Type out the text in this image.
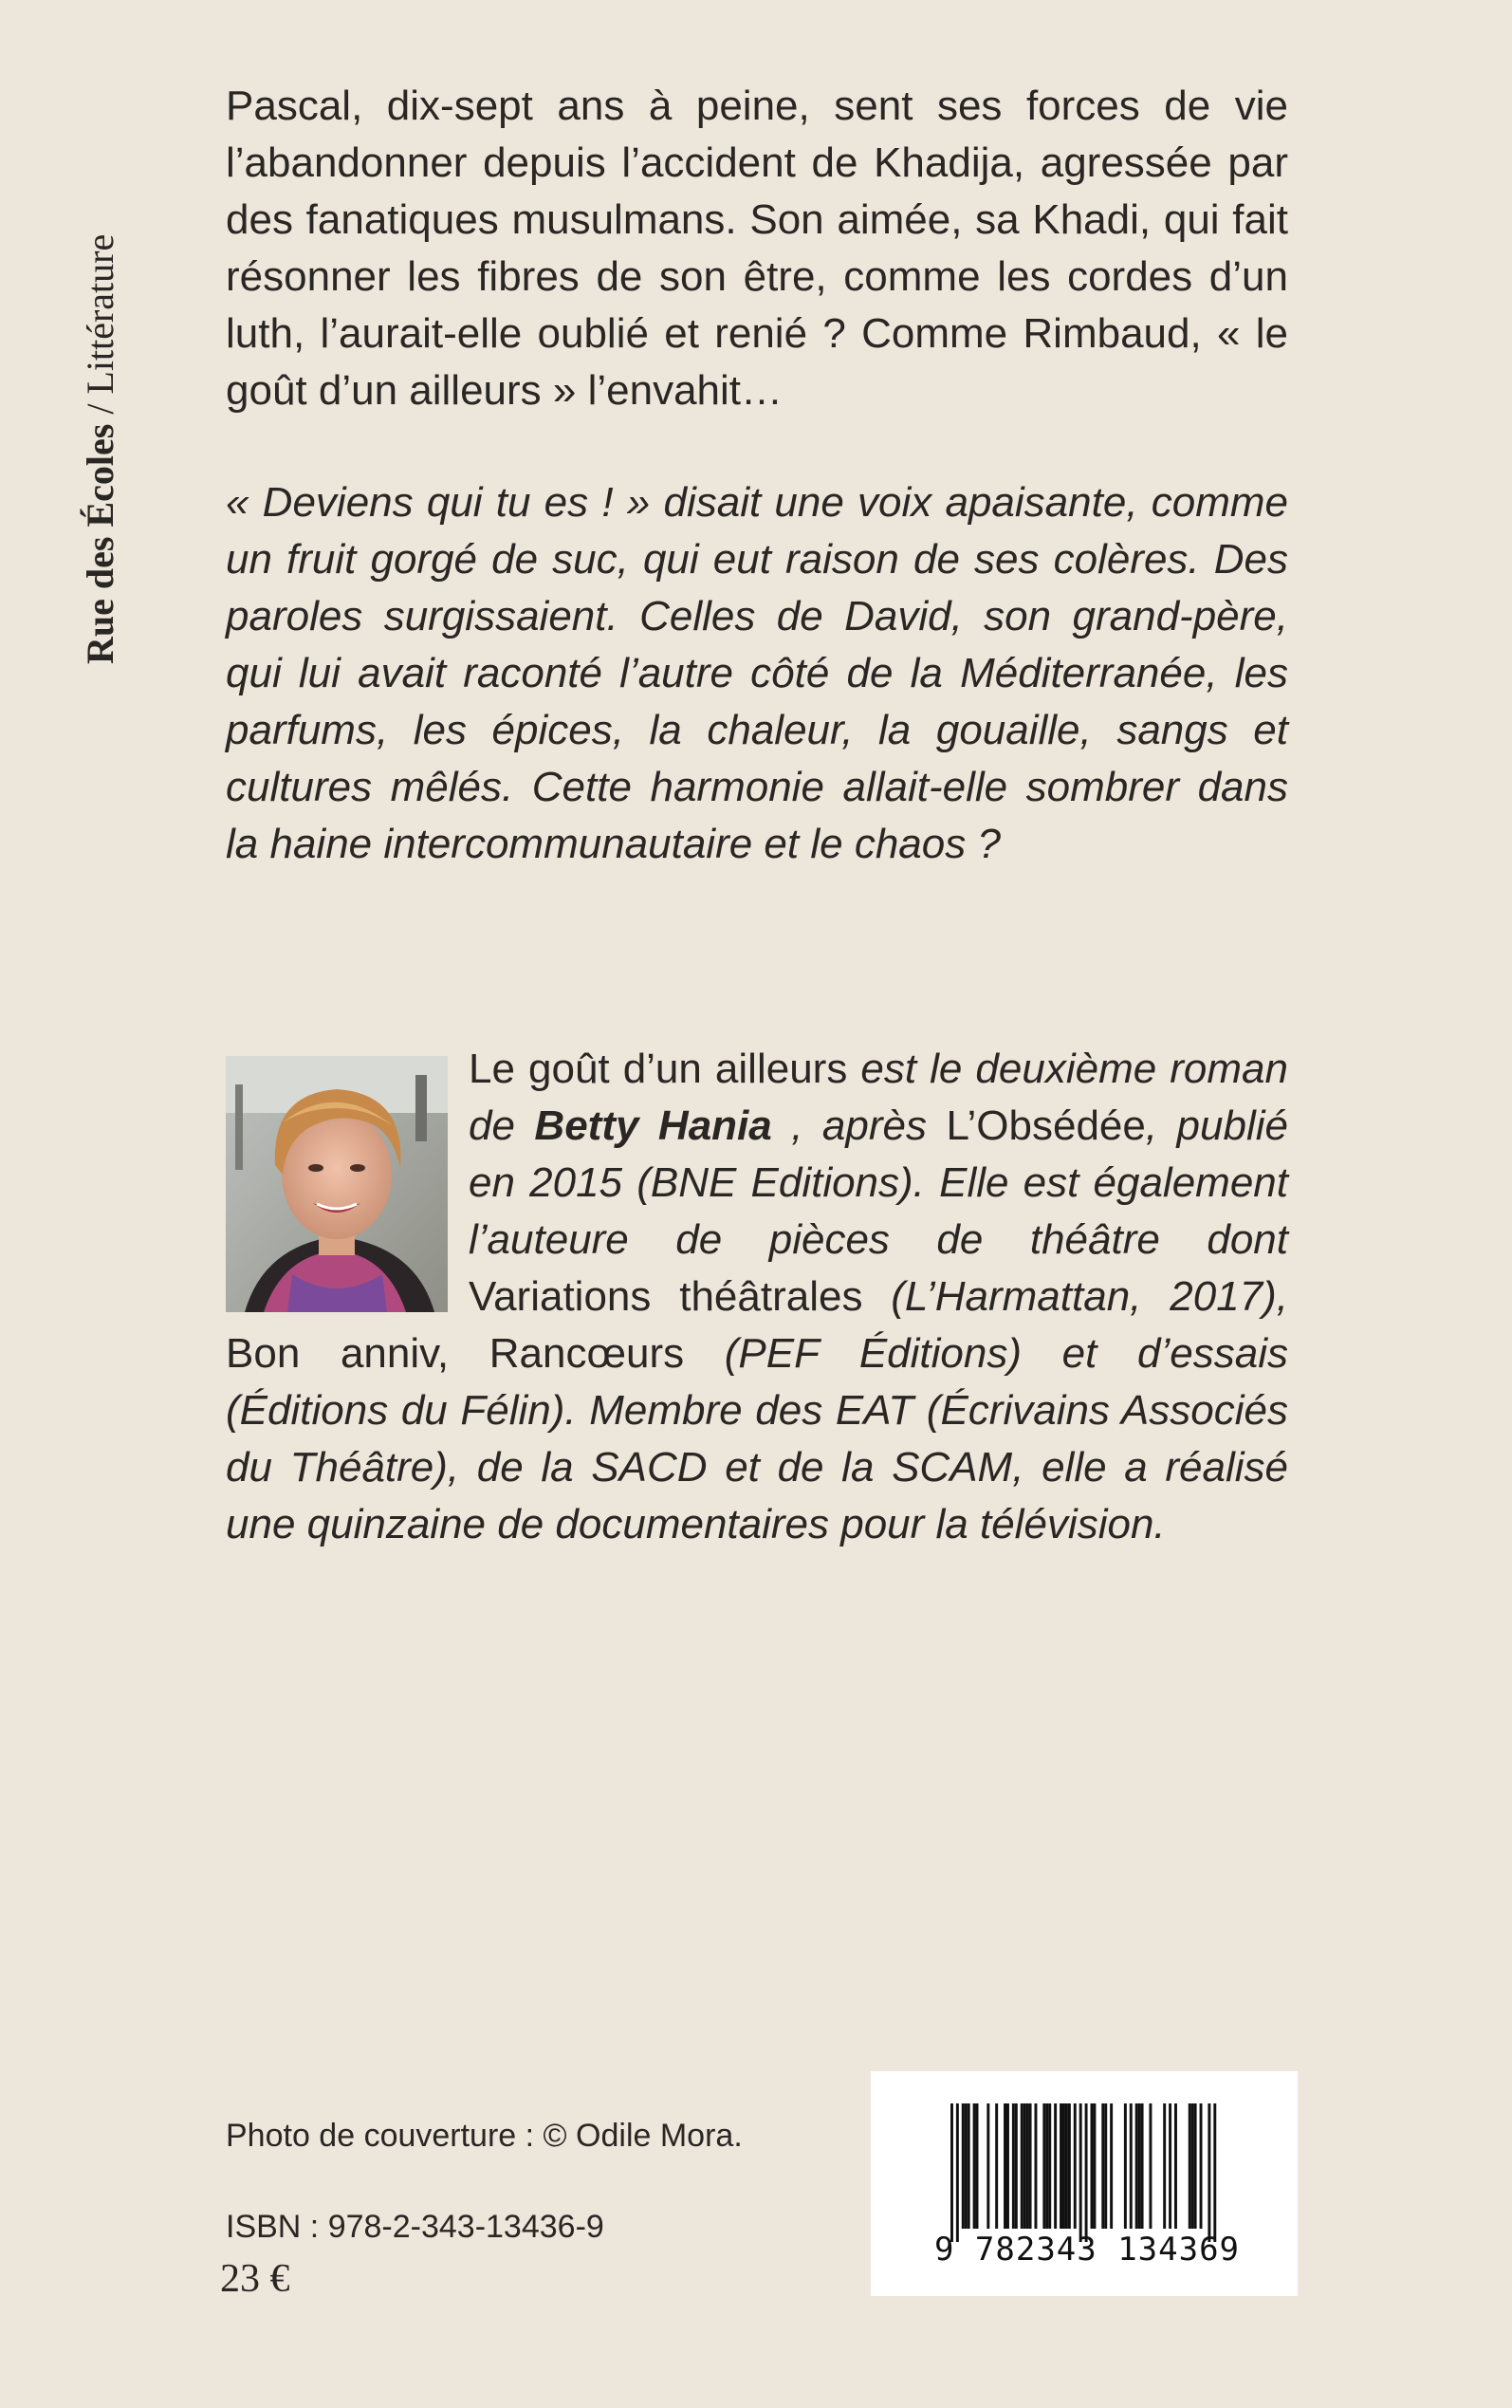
Rue des Écoles / Littérature

Pascal, dix-sept ans à peine, sent ses forces de vie l’abandonner depuis l’accident de Khadija, agressée par des fanatiques musulmans. Son aimée, sa Khadi, qui fait résonner les fibres de son être, comme les cordes d’un luth, l’aurait-elle oublié et renié ? Comme Rimbaud, « le goût d’un ailleurs » l’envahit…

« Deviens qui tu es ! » disait une voix apaisante, comme un fruit gorgé de suc, qui eut raison de ses colères. Des paroles surgissaient. Celles de David, son grand-père, qui lui avait raconté l’autre côté de la Méditerranée, les parfums, les épices, la chaleur, la gouaille, sangs et cultures mêlés. Cette harmonie allait-elle sombrer dans la haine intercommunautaire et le chaos ?

Le goût d’un ailleurs est le deuxième roman de Betty Hania , après L’Obsédée, publié en 2015 (BNE Editions). Elle est également l’auteure de pièces de théâtre dont Variations théâtrales (L’Harmattan, 2017), Bon anniv, Rancœurs (PEF Éditions) et d’essais (Éditions du Félin). Membre des EAT (Écrivains Associés du Théâtre), de la SACD et de la SCAM, elle a réalisé une quinzaine de documentaires pour la télévision.
Photo de couverture : © Odile Mora.
ISBN : 978-2-343-13436-9
23 €
9 782343 134369
